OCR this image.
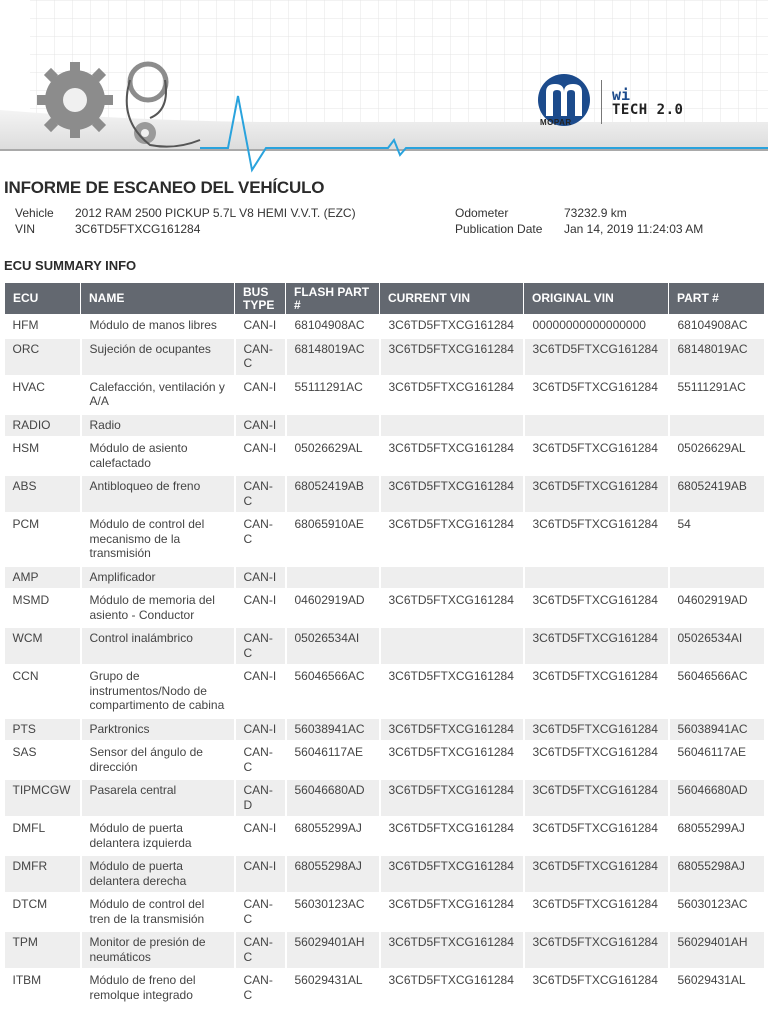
MOPAR
wi
TECH 2.0
INFORME DE ESCANEO DEL VEHÍCULO
Vehicle 2012 RAM 2500 PICKUP 5.7L V8 HEMI V.V.T. (EZC)
VIN	3C6TD5FTXCG161284
Odometer	73232.9 km
Publication Date Jan 14, 2019 11:24:03 AM
ECU SUMMARY INFO
ECU	NAME	BUS TYPE	FLASH PART #	CURRENT VIN	ORIGINAL VIN	PART #
HFM	Módulo de manos libres	CAN-I	68104908AC	3C6TD5FTXCG161284	00000000000000000	68104908AC
ORC	Sujeción de ocupantes	CAN-C	68148019AC	3C6TD5FTXCG161284	3C6TD5FTXCG161284	68148019AC
HVAC	Calefacción, ventilación y A/A	CAN-I	55111291AC	3C6TD5FTXCG161284	3C6TD5FTXCG161284	55111291AC
RADIO	Radio	CAN-I				
HSM	Módulo de asiento calefactado	CAN-I	05026629AL	3C6TD5FTXCG161284	3C6TD5FTXCG161284	05026629AL
ABS	Antibloqueo de freno	CAN-C	68052419AB	3C6TD5FTXCG161284	3C6TD5FTXCG161284	68052419AB
PCM	Módulo de control del mecanismo de la transmisión	CAN-C	68065910AE	3C6TD5FTXCG161284	3C6TD5FTXCG161284	54
AMP	Amplificador	CAN-I				
MSMD	Módulo de memoria del asiento - Conductor	CAN-I	04602919AD	3C6TD5FTXCG161284	3C6TD5FTXCG161284	04602919AD
WCM	Control inalámbrico	CAN-C	05026534AI		3C6TD5FTXCG161284	05026534AI
CCN	Grupo de instrumentos/Nodo de compartimento de cabina	CAN-I	56046566AC	3C6TD5FTXCG161284	3C6TD5FTXCG161284	56046566AC
PTS	Parktronics	CAN-I	56038941AC	3C6TD5FTXCG161284	3C6TD5FTXCG161284	56038941AC
SAS	Sensor del ángulo de dirección	CAN-C	56046117AE	3C6TD5FTXCG161284	3C6TD5FTXCG161284	56046117AE
TIPMCGW	Pasarela central	CAN-D	56046680AD	3C6TD5FTXCG161284	3C6TD5FTXCG161284	56046680AD
DMFL	Módulo de puerta delantera izquierda	CAN-I	68055299AJ	3C6TD5FTXCG161284	3C6TD5FTXCG161284	68055299AJ
DMFR	Módulo de puerta delantera derecha	CAN-I	68055298AJ	3C6TD5FTXCG161284	3C6TD5FTXCG161284	68055298AJ
DTCM	Módulo de control del tren de la transmisión	CAN-C	56030123AC	3C6TD5FTXCG161284	3C6TD5FTXCG161284	56030123AC
TPM	Monitor de presión de neumáticos	CAN-C	56029401AH	3C6TD5FTXCG161284	3C6TD5FTXCG161284	56029401AH
ITBM	Módulo de freno del remolque integrado	CAN-C	56029431AL	3C6TD5FTXCG161284	3C6TD5FTXCG161284	56029431AL
